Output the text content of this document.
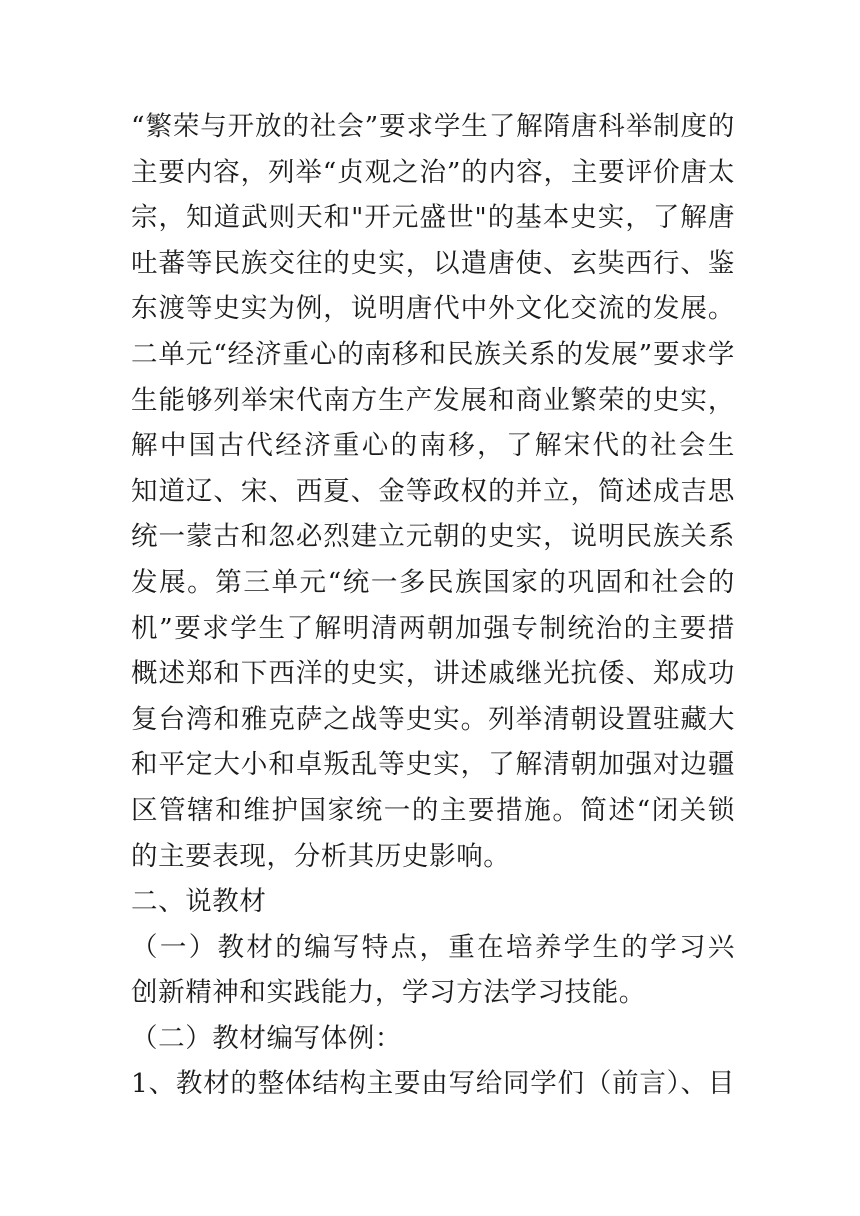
“繁荣与开放的社会”要求学生了解隋唐科举制度的
主要内容，列举“贞观之治”的内容，主要评价唐太
宗，知道武则天和"开元盛世"的基本史实，了解唐
吐蕃等民族交往的史实，以遣唐使、玄奘西行、鉴
东渡等史实为例，说明唐代中外文化交流的发展。
二单元“经济重心的南移和民族关系的发展”要求学
生能够列举宋代南方生产发展和商业繁荣的史实，
解中国古代经济重心的南移，了解宋代的社会生
知道辽、宋、西夏、金等政权的并立，简述成吉思
统一蒙古和忽必烈建立元朝的史实，说明民族关系
发展。第三单元“统一多民族国家的巩固和社会的
机”要求学生了解明清两朝加强专制统治的主要措
概述郑和下西洋的史实，讲述戚继光抗倭、郑成功
复台湾和雅克萨之战等史实。列举清朝设置驻藏大
和平定大小和卓叛乱等史实，了解清朝加强对边疆
区管辖和维护国家统一的主要措施。简述“闭关锁
的主要表现，分析其历史影响。
二、说教材
（一）教材的编写特点，重在培养学生的学习兴
创新精神和实践能力，学习方法学习技能。
（二）教材编写体例：
1、教材的整体结构主要由写给同学们（前言）、目
